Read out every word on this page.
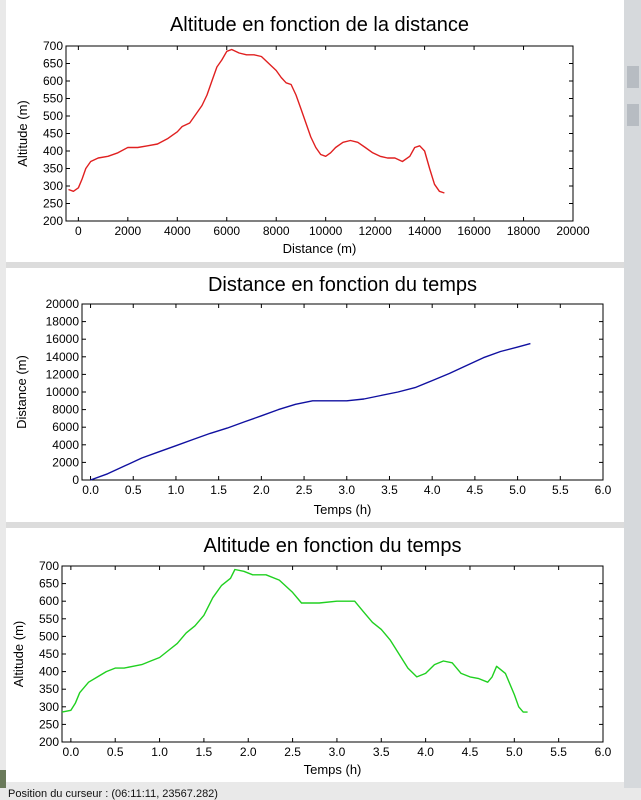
Altitude en fonction de la distance
0	2000 4000 6000 8000 10000 12000 14000 16000 18000 20000
200
250
300
350
400
450
500
550
600
650
700
Distance (m)
Altitude (m)
Distance en fonction du temps
0.0 0.5 1.0 1.5 2.0 2.5 3.0 3.5 4.0 4.5 5.0 5.5 6.0
0
2000
4000
6000
8000
10000
12000
14000
16000
18000
20000
Temps (h)
Distance (m)
Altitude en fonction du temps
0.0 0.5 1.0 1.5 2.0 2.5 3.0 3.5 4.0 4.5 5.0 5.5 6.0
200
250
300
350
400
450
500
550
600
650
700
Temps (h)
Altitude (m)
Position du curseur : (06:11:11, 23567.282)
